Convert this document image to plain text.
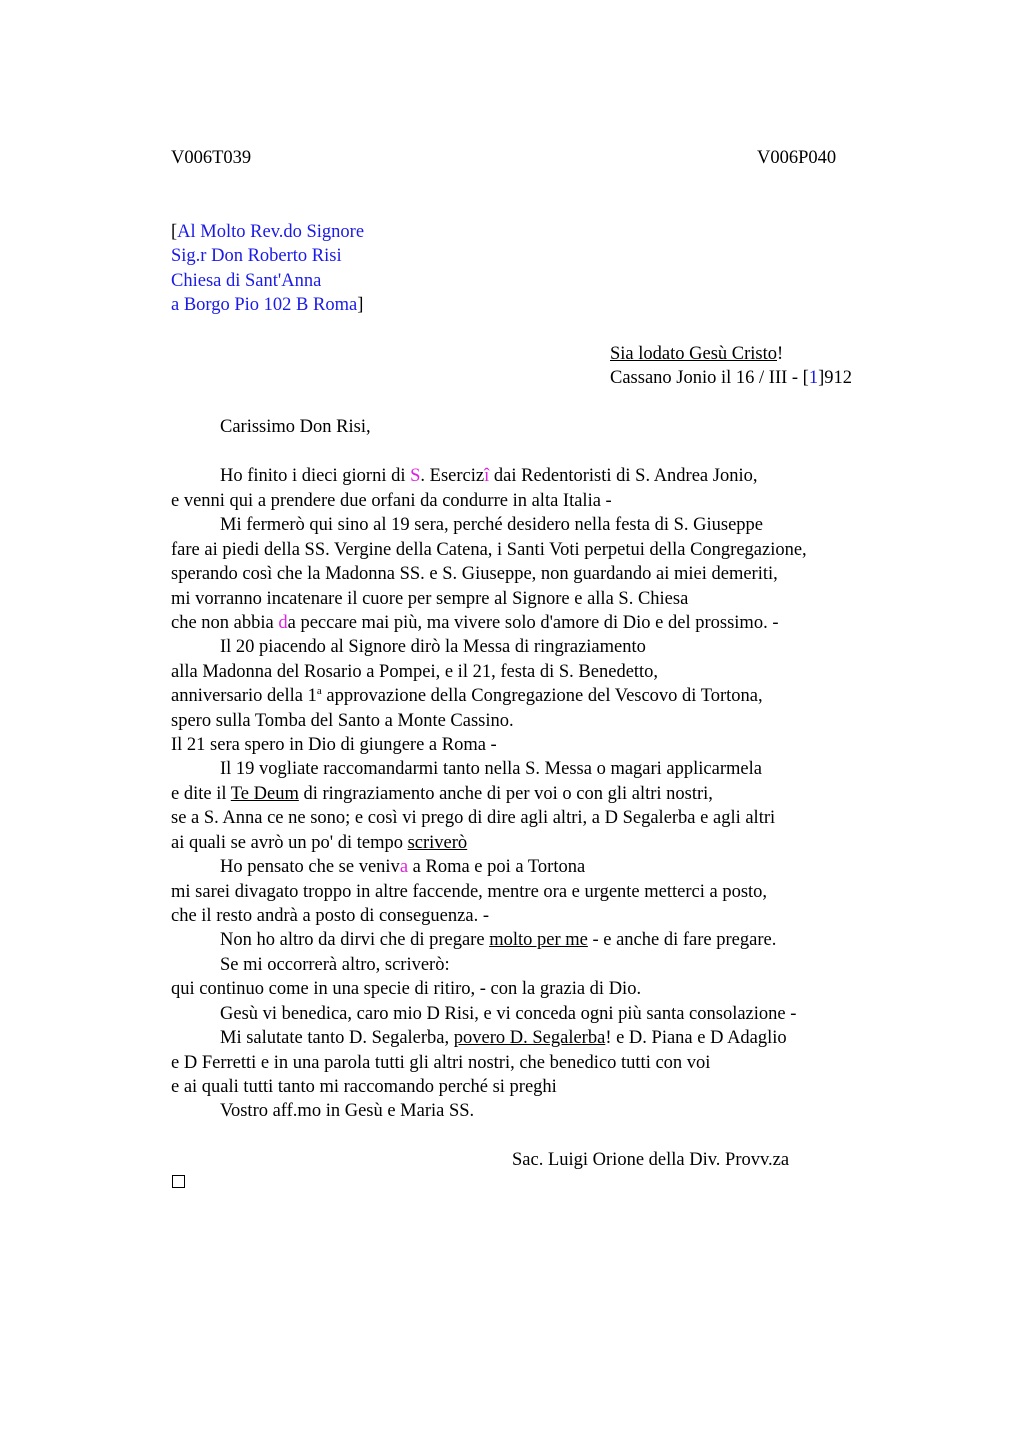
V006T039	V006P040
[Al Molto Rev.do Signore
Sig.r Don Roberto Risi
Chiesa di Sant'Anna
a Borgo Pio 102 B Roma]
Sia lodato Gesù Cristo!
Cassano Jonio il 16 / III - [1]912
Carissimo Don Risi,
Ho finito i dieci giorni di S. Esercizî dai Redentoristi di S. Andrea Jonio,
e venni qui a prendere due orfani da condurre in alta Italia -
Mi fermerò qui sino al 19 sera, perché desidero nella festa di S. Giuseppe
fare ai piedi della SS. Vergine della Catena, i Santi Voti perpetui della Congregazione,
sperando così che la Madonna SS. e S. Giuseppe, non guardando ai miei demeriti,
mi vorranno incatenare il cuore per sempre al Signore e alla S. Chiesa
che non abbia da peccare mai più, ma vivere solo d'amore di Dio e del prossimo. -
Il 20 piacendo al Signore dirò la Messa di ringraziamento
alla Madonna del Rosario a Pompei, e il 21, festa di S. Benedetto,
anniversario della 1$^a$ approvazione della Congregazione del Vescovo di Tortona,
spero sulla Tomba del Santo a Monte Cassino.
Il 21 sera spero in Dio di giungere a Roma -
Il 19 vogliate raccomandarmi tanto nella S. Messa o magari applicarmela
e dite il Te Deum di ringraziamento anche di per voi o con gli altri nostri,
se a S. Anna ce ne sono; e così vi prego di dire agli altri, a D Segalerba e agli altri
ai quali se avrò un po' di tempo scriverò
Ho pensato che se veniva a Roma e poi a Tortona
mi sarei divagato troppo in altre faccende, mentre ora e urgente metterci a posto,
che il resto andrà a posto di conseguenza. -
Non ho altro da dirvi che di pregare molto per me - e anche di fare pregare.
Se mi occorrerà altro, scriverò:
qui continuo come in una specie di ritiro, - con la grazia di Dio.
Gesù vi benedica, caro mio D Risi, e vi conceda ogni più santa consolazione -
Mi salutate tanto D. Segalerba, povero D. Segalerba! e D. Piana e D Adaglio
e D Ferretti e in una parola tutti gli altri nostri, che benedico tutti con voi
e ai quali tutti tanto mi raccomando perché si preghi
Vostro aff.mo in Gesù e Maria SS.
Sac. Luigi Orione della Div. Provv.za
